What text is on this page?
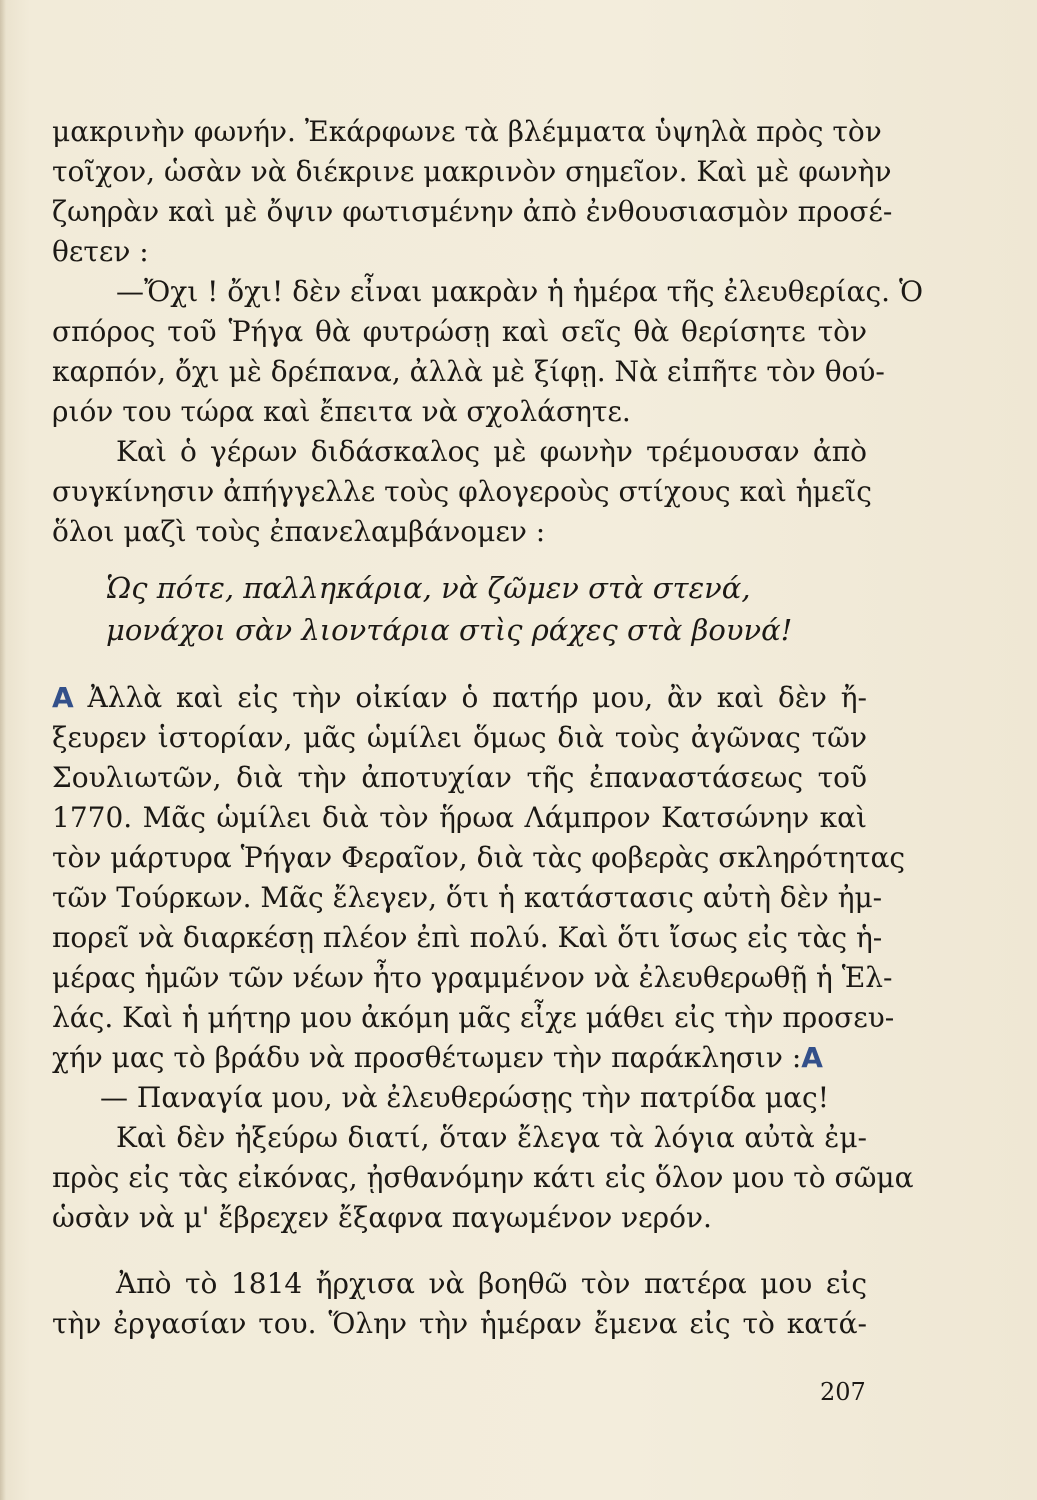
μακρινὴν φωνήν. Ἐκάρφωνε τὰ βλέμματα ὑψηλὰ πρὸς τὸν
τοῖχον, ὡσὰν νὰ διέκρινε μακρινὸν σημεῖον. Καὶ μὲ φωνὴν
ζωηρὰν καὶ μὲ ὄψιν φωτισμένην ἀπὸ ἐνθουσιασμὸν προσέ-
θετεν :
—Ὄχι ! ὄχι! δὲν εἶναι μακρὰν ἡ ἡμέρα τῆς ἐλευθερίας. Ὁ
σπόρος τοῦ Ῥήγα θὰ φυτρώσῃ καὶ σεῖς θὰ θερίσητε τὸν
καρπόν, ὄχι μὲ δρέπανα, ἀλλὰ μὲ ξίφῃ. Νὰ εἰπῆτε τὸν θού-
ριόν του τώρα καὶ ἔπειτα νὰ σχολάσητε.
Καὶ ὁ γέρων διδάσκαλος μὲ φωνὴν τρέμουσαν ἀπὸ
συγκίνησιν ἀπήγγελλε τοὺς φλογεροὺς στίχους καὶ ἡμεῖς
ὅλοι μαζὶ τοὺς ἐπανελαμβάνομεν :
Ὡς πότε, παλληκάρια, νὰ ζῶμεν στὰ στενά,
μονάχοι σὰν λιοντάρια στὶς ράχες στὰ βουνά!
A Ἀλλὰ καὶ εἰς τὴν οἰκίαν ὁ πατήρ μου, ἂν καὶ δὲν ἤ-
ξευρεν ἱστορίαν, μᾶς ὡμίλει ὅμως διὰ τοὺς ἀγῶνας τῶν
Σουλιωτῶν, διὰ τὴν ἀποτυχίαν τῆς ἐπαναστάσεως τοῦ
1770. Μᾶς ὡμίλει διὰ τὸν ἥρωα Λάμπρον Κατσώνην καὶ
τὸν μάρτυρα Ῥήγαν Φεραῖον, διὰ τὰς φοβερὰς σκληρότητας
τῶν Τούρκων. Μᾶς ἔλεγεν, ὅτι ἡ κατάστασις αὐτὴ δὲν ἠμ-
πορεῖ νὰ διαρκέσῃ πλέον ἐπὶ πολύ. Καὶ ὅτι ἴσως εἰς τὰς ἡ-
μέρας ἡμῶν τῶν νέων ἦτο γραμμένον νὰ ἐλευθερωθῇ ἡ Ἑλ-
λάς. Καὶ ἡ μήτηρ μου ἀκόμη μᾶς εἶχε μάθει εἰς τὴν προσευ-
χήν μας τὸ βράδυ νὰ προσθέτωμεν τὴν παράκλησιν :A
— Παναγία μου, νὰ ἐλευθερώσῃς τὴν πατρίδα μας!
Καὶ δὲν ἠξεύρω διατί, ὅταν ἔλεγα τὰ λόγια αὐτὰ ἐμ-
πρὸς εἰς τὰς εἰκόνας, ᾐσθανόμην κάτι εἰς ὅλον μου τὸ σῶμα
ὡσὰν νὰ μ' ἔβρεχεν ἔξαφνα παγωμένον νερόν.
Ἀπὸ τὸ 1814 ἤρχισα νὰ βοηθῶ τὸν πατέρα μου εἰς
τὴν ἐργασίαν του. Ὅλην τὴν ἡμέραν ἔμενα εἰς τὸ κατά-
207
